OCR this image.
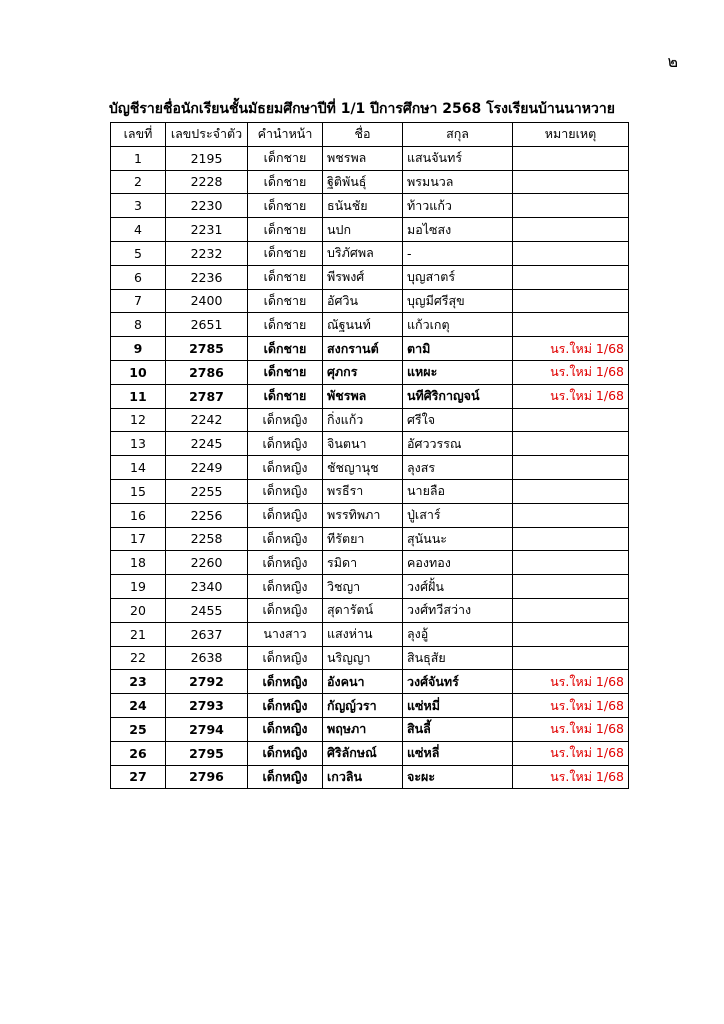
๒
บัญชีรายชื่อนักเรียนชั้นมัธยมศึกษาปีที่ 1/1 ปีการศึกษา 2568 โรงเรียนบ้านนาหวาย
เลขที่	เลขประจำตัว	คำนำหน้า	ชื่อ	สกุล	หมายเหตุ
1	2195	เด็กชาย	พชรพล	แสนจันทร์	
2	2228	เด็กชาย	ฐิติพันธุ์	พรมนวล	
3	2230	เด็กชาย	ธนันชัย	ท้าวแก้ว	
4	2231	เด็กชาย	นปก	มอไซสง	
5	2232	เด็กชาย	บริภัศพล	-	
6	2236	เด็กชาย	พีรพงศ์	บุญสาตร์	
7	2400	เด็กชาย	อัศวิน	บุญมีศรีสุข	
8	2651	เด็กชาย	ณัฐนนท์	แก้วเกตุ	
9	2785	เด็กชาย	สงกรานต์	ตามิ	นร.ใหม่ 1/68
10	2786	เด็กชาย	ศุภกร	แหผะ	นร.ใหม่ 1/68
11	2787	เด็กชาย	พัชรพล	นทีศิริกาญจน์	นร.ใหม่ 1/68
12	2242	เด็กหญิง	กิ่งแก้ว	ศรีใจ	
13	2245	เด็กหญิง	จินตนา	อัศววรรณ	
14	2249	เด็กหญิง	ชัชญานุช	ลุงสร	
15	2255	เด็กหญิง	พรธีรา	นายลือ	
16	2256	เด็กหญิง	พรรทิพภา	ปู่เสาร์	
17	2258	เด็กหญิง	ทีรัตยา	สุนันนะ	
18	2260	เด็กหญิง	รมิดา	คองทอง	
19	2340	เด็กหญิง	วิชญา	วงศ์ฝั้น	
20	2455	เด็กหญิง	สุดารัตน์	วงศ์ทวีสว่าง	
21	2637	นางสาว	แสงห่าน	ลุงอู้	
22	2638	เด็กหญิง	นริญญา	สินธุสัย	
23	2792	เด็กหญิง	อังคนา	วงศ์จันทร์	นร.ใหม่ 1/68
24	2793	เด็กหญิง	กัญญ์วรา	แซ่หมี่	นร.ใหม่ 1/68
25	2794	เด็กหญิง	พฤษภา	สินลี้	นร.ใหม่ 1/68
26	2795	เด็กหญิง	ศิริลักษณ์	แซ่หลี่	นร.ใหม่ 1/68
27	2796	เด็กหญิง	เกวลิน	จะผะ	นร.ใหม่ 1/68
